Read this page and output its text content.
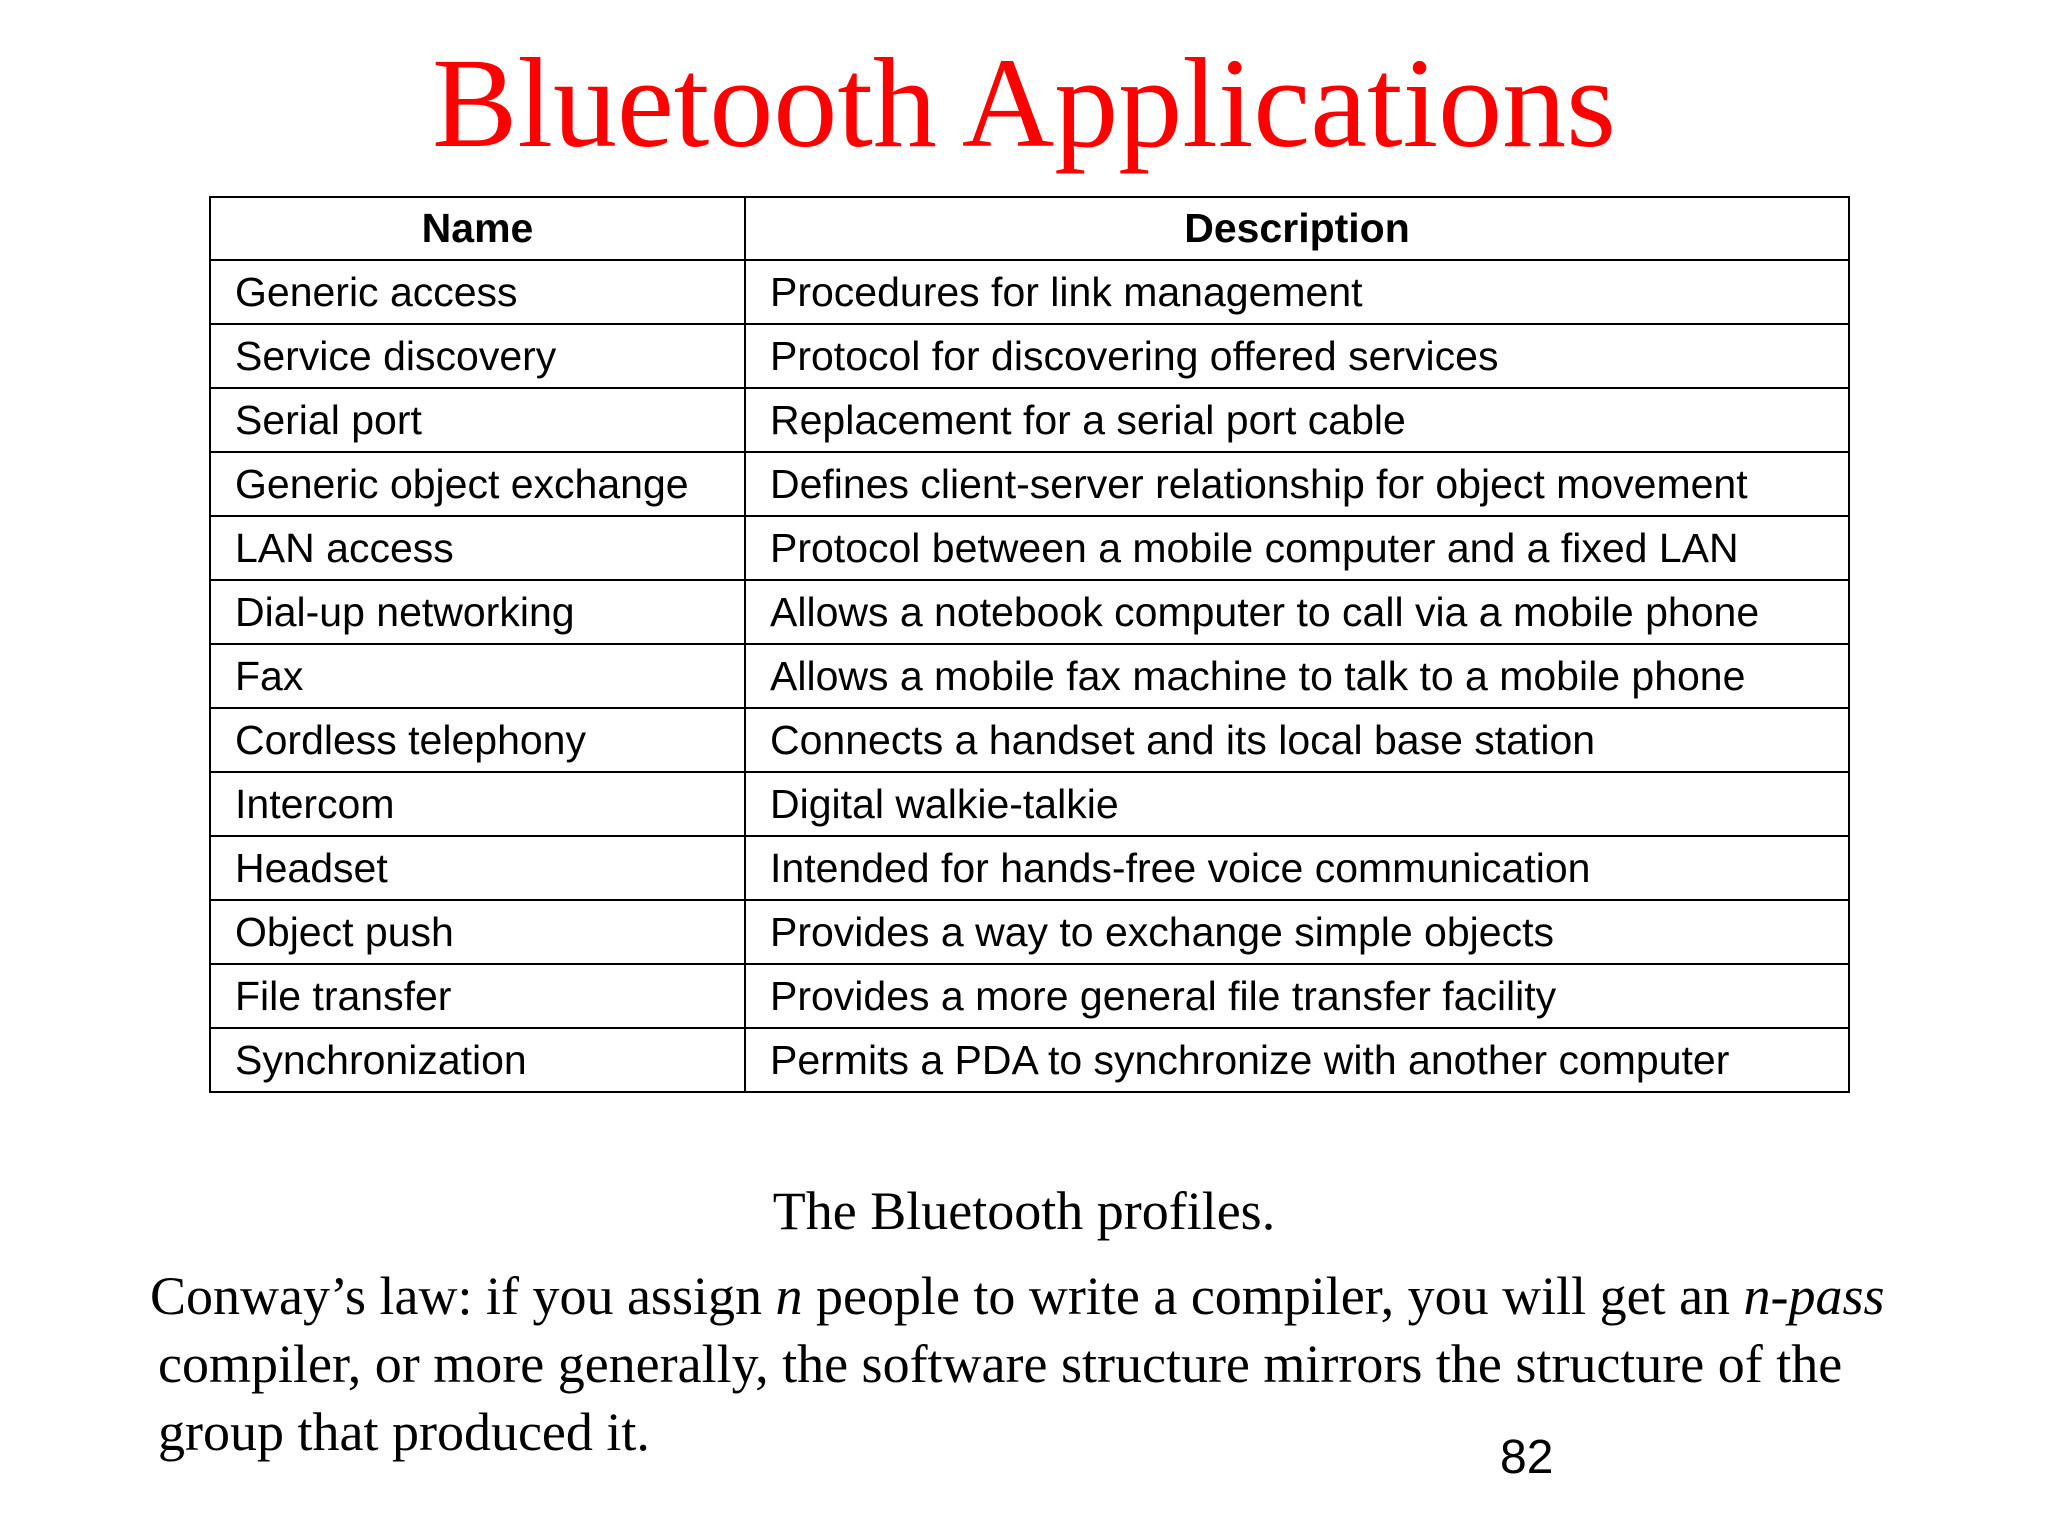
Bluetooth Applications
Name	Description
Generic access	Procedures for link management
Service discovery	Protocol for discovering offered services
Serial port	Replacement for a serial port cable
Generic object exchange	Defines client-server relationship for object movement
LAN access	Protocol between a mobile computer and a fixed LAN
Dial-up networking	Allows a notebook computer to call via a mobile phone
Fax	Allows a mobile fax machine to talk to a mobile phone
Cordless telephony	Connects a handset and its local base station
Intercom	Digital walkie-talkie
Headset	Intended for hands-free voice communication
Object push	Provides a way to exchange simple objects
File transfer	Provides a more general file transfer facility
Synchronization	Permits a PDA to synchronize with another computer
The Bluetooth profiles.
Conway’s law: if you assign n people to write a compiler, you will get an n-pass
compiler, or more generally, the software structure mirrors the structure of the
group that produced it.	82
